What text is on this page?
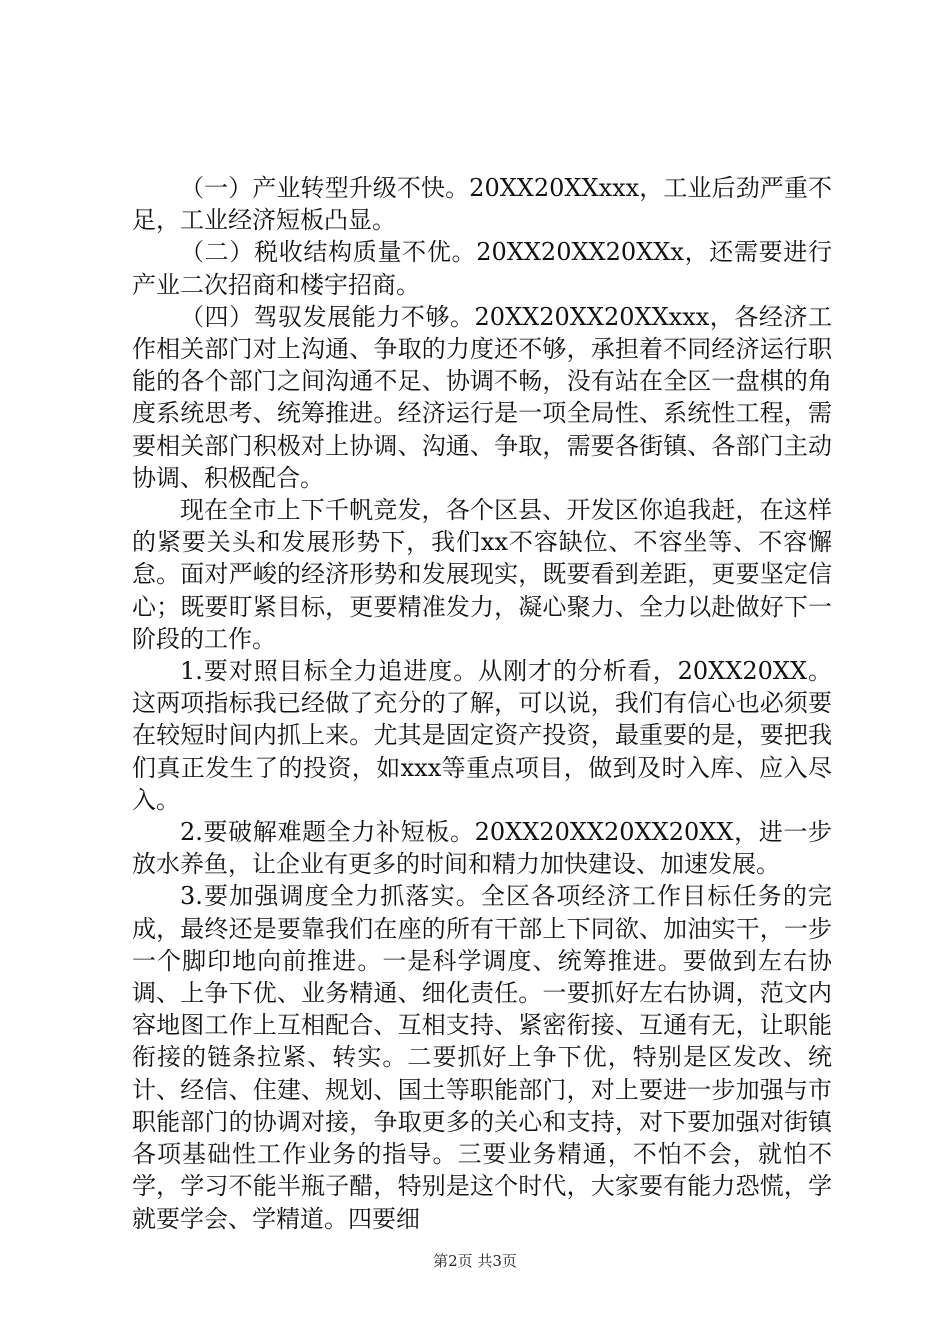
（一）产业转型升级不快。20XX20XXxxx，工业后劲严重不足，工业经济短板凸显。

（二）税收结构质量不优。20XX20XX20XXx，还需要进行产业二次招商和楼宇招商。

（四）驾驭发展能力不够。20XX20XX20XXxxx，各经济工作相关部门对上沟通、争取的力度还不够，承担着不同经济运行职能的各个部门之间沟通不足、协调不畅，没有站在全区一盘棋的角度系统思考、统筹推进。经济运行是一项全局性、系统性工程，需要相关部门积极对上协调、沟通、争取，需要各街镇、各部门主动协调、积极配合。

现在全市上下千帆竞发，各个区县、开发区你追我赶，在这样的紧要关头和发展形势下，我们xx不容缺位、不容坐等、不容懈怠。面对严峻的经济形势和发展现实，既要看到差距，更要坚定信心；既要盯紧目标，更要精准发力，凝心聚力、全力以赴做好下一阶段的工作。

1.要对照目标全力追进度。从刚才的分析看，20XX20XX。这两项指标我已经做了充分的了解，可以说，我们有信心也必须要在较短时间内抓上来。尤其是固定资产投资，最重要的是，要把我们真正发生了的投资，如xxx等重点项目，做到及时入库、应入尽入。

2.要破解难题全力补短板。20XX20XX20XX20XX，进一步放水养鱼，让企业有更多的时间和精力加快建设、加速发展。

3.要加强调度全力抓落实。全区各项经济工作目标任务的完成，最终还是要靠我们在座的所有干部上下同欲、加油实干，一步一个脚印地向前推进。一是科学调度、统筹推进。要做到左右协调、上争下优、业务精通、细化责任。一要抓好左右协调，范文内容地图工作上互相配合、互相支持、紧密衔接、互通有无，让职能衔接的链条拉紧、转实。二要抓好上争下优，特别是区发改、统计、经信、住建、规划、国土等职能部门，对上要进一步加强与市职能部门的协调对接，争取更多的关心和支持，对下要加强对街镇各项基础性工作业务的指导。三要业务精通，不怕不会，就怕不学，学习不能半瓶子醋，特别是这个时代，大家要有能力恐慌，学就要学会、学精道。四要细

第2页 共3页
